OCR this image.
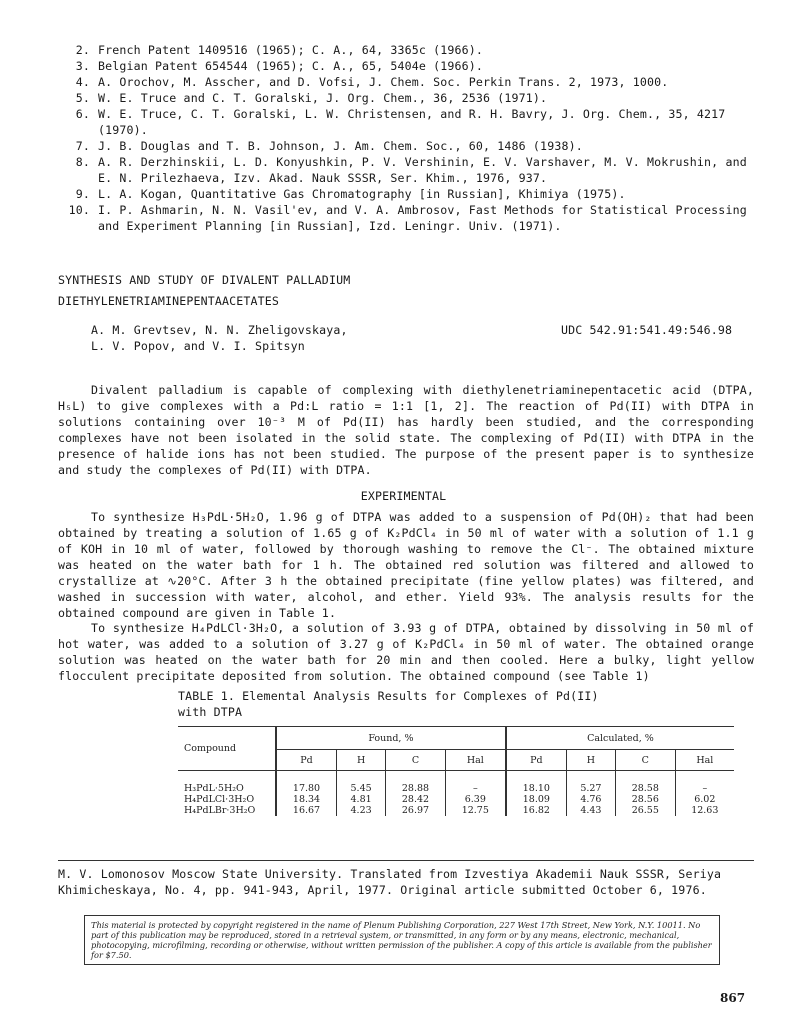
2. French Patent 1409516 (1965); C. A., 64, 3365c (1966).
3. Belgian Patent 654544 (1965); C. A., 65, 5404e (1966).
4. A. Orochov, M. Asscher, and D. Vofsi, J. Chem. Soc. Perkin Trans. 2, 1973, 1000.
5. W. E. Truce and C. T. Goralski, J. Org. Chem., 36, 2536 (1971).
6. W. E. Truce, C. T. Goralski, L. W. Christensen, and R. H. Bavry, J. Org. Chem., 35, 4217 (1970).
7. J. B. Douglas and T. B. Johnson, J. Am. Chem. Soc., 60, 1486 (1938).
8. A. R. Derzhinskii, L. D. Konyushkin, P. V. Vershinin, E. V. Varshaver, M. V. Mokrushin, and E. N. Prilezhaeva, Izv. Akad. Nauk SSSR, Ser. Khim., 1976, 937.
9. L. A. Kogan, Quantitative Gas Chromatography [in Russian], Khimiya (1975).
10. I. P. Ashmarin, N. N. Vasil'ev, and V. A. Ambrosov, Fast Methods for Statistical Processing and Experiment Planning [in Russian], Izd. Leningr. Univ. (1971).
SYNTHESIS AND STUDY OF DIVALENT PALLADIUM
DIETHYLENETRIAMINEPENTAACETATES
A. M. Grevtsev, N. N. Zheligovskaya,
L. V. Popov, and V. I. Spitsyn
UDC 542.91:541.49:546.98

Divalent palladium is capable of complexing with diethylenetriaminepentacetic acid (DTPA, H₅L) to give complexes with a Pd:L ratio = 1:1 [1, 2]. The reaction of Pd(II) with DTPA in solutions containing over 10⁻³ M of Pd(II) has hardly been studied, and the corresponding complexes have not been isolated in the solid state. The complexing of Pd(II) with DTPA in the presence of halide ions has not been studied. The purpose of the present paper is to synthesize and study the complexes of Pd(II) with DTPA.

EXPERIMENTAL

To synthesize H₃PdL·5H₂O, 1.96 g of DTPA was added to a suspension of Pd(OH)₂ that had been obtained by treating a solution of 1.65 g of K₂PdCl₄ in 50 ml of water with a solution of 1.1 g of KOH in 10 ml of water, followed by thorough washing to remove the Cl⁻. The obtained mixture was heated on the water bath for 1 h. The obtained red solution was filtered and allowed to crystallize at ∿20°C. After 3 h the obtained precipitate (fine yellow plates) was filtered, and washed in succession with water, alcohol, and ether. Yield 93%. The analysis results for the obtained compound are given in Table 1.

To synthesize H₄PdLCl·3H₂O, a solution of 3.93 g of DTPA, obtained by dissolving in 50 ml of hot water, was added to a solution of 3.27 g of K₂PdCl₄ in 50 ml of water. The obtained orange solution was heated on the water bath for 20 min and then cooled. Here a bulky, light yellow flocculent precipitate deposited from solution. The obtained compound (see Table 1)

TABLE 1. Elemental Analysis Results for Complexes of Pd(II)
with DTPA
Compound	Found, %				Calculated, %			
	Pd	H	C	Hal	Pd	H	C	Hal
H₃PdL·5H₂O	17.80	5.45	28.88	–	18.10	5.27	28.58	–
H₄PdLCl·3H₂O	18.34	4.81	28.42	6.39	18.09	4.76	28.56	6.02
H₄PdLBr·3H₂O	16.67	4.23	26.97	12.75	16.82	4.43	26.55	12.63
M. V. Lomonosov Moscow State University. Translated from Izvestiya Akademii Nauk SSSR, Seriya Khimicheskaya, No. 4, pp. 941-943, April, 1977. Original article submitted October 6, 1976.
This material is protected by copyright registered in the name of Plenum Publishing Corporation, 227 West 17th Street, New York, N.Y. 10011. No part of this publication may be reproduced, stored in a retrieval system, or transmitted, in any form or by any means, electronic, mechanical, photocopying, microfilming, recording or otherwise, without written permission of the publisher. A copy of this article is available from the publisher for $7.50.
867
